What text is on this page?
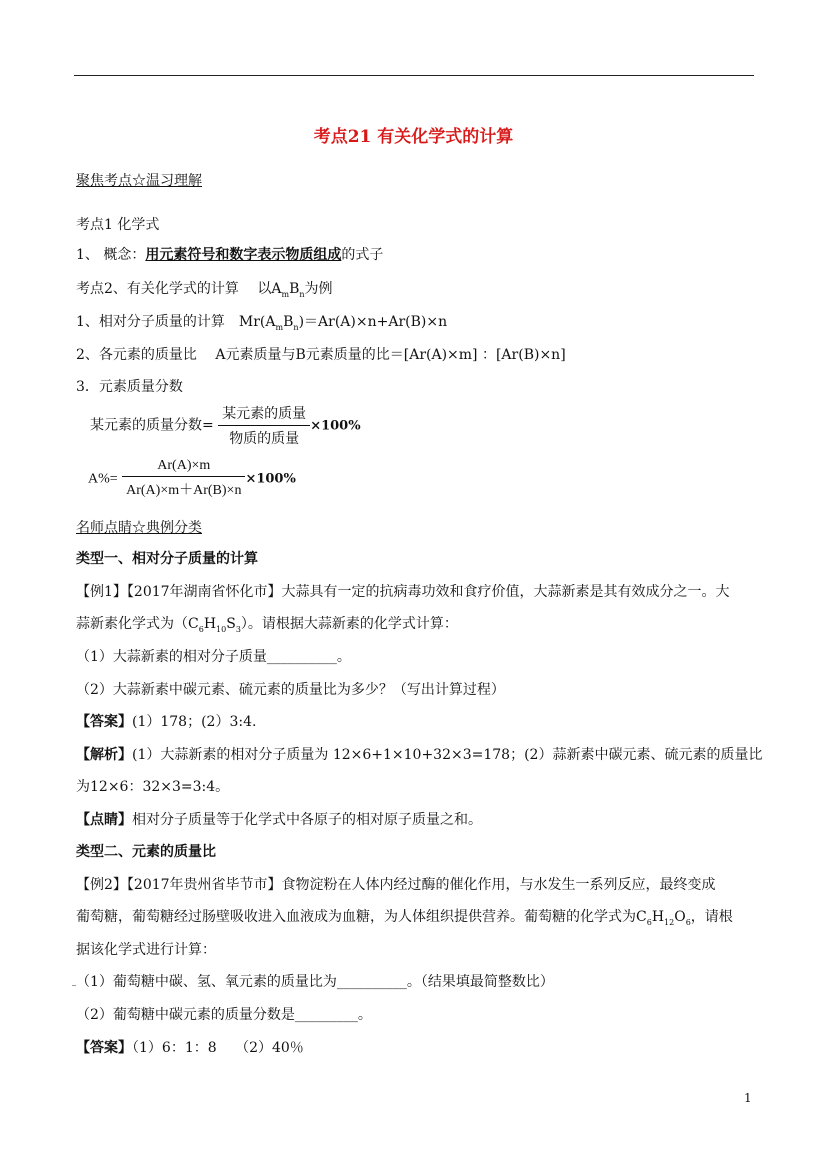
考点21 有关化学式的计算
聚焦考点☆温习理解
考点1 化学式
1、 概念：用元素符号和数字表示物质组成的式子
考点2、有关化学式的计算　 以$A_mB_n$为例
1、相对分子质量的计算　$Mr(A_mB_n)=Ar(A)\times n+Ar(B)\times n$
2、各元素的质量比　 A元素质量与B元素质量的比＝[Ar(A)×m] ：[Ar(B)×n]
3．元素质量分数
某元素的质量分数= $\frac{\text{某元素的质量}}{\text{物质的质量}} \times 100\%$
$A\%= \frac{Ar(A)\times m}{Ar(A)\times m+Ar(B)\times n} \times 100\%$
名师点睛☆典例分类
类型一、相对分子质量的计算
【例1】【2017年湖南省怀化市】大蒜具有一定的抗病毒功效和食疗价值，大蒜新素是其有效成分之一。大
蒜新素化学式为$(C_6H_{10}S_3)$。请根据大蒜新素的化学式计算：
（1）大蒜新素的相对分子质量__________。
（2）大蒜新素中碳元素、硫元素的质量比为多少？（写出计算过程）
【答案】(1）178；(2）3:4.
【解析】(1）大蒜新素的相对分子质量为 12×6+1×10+32×3=178；(2）蒜新素中碳元素、硫元素的质量比
为12×6：32×3=3:4。
【点睛】相对分子质量等于化学式中各原子的相对原子质量之和。
类型二、元素的质量比
【例2】【2017年贵州省毕节市】食物淀粉在人体内经过酶的催化作用，与水发生一系列反应，最终变成
葡萄糖，葡萄糖经过肠壁吸收进入血液成为血糖，为人体组织提供营养。葡萄糖的化学式为$C_6H_{12}O_6$，请根
据该化学式进行计算：
（1）葡萄糖中碳、氢、氧元素的质量比为__________。（结果填最简整数比）
（2）葡萄糖中碳元素的质量分数是_________。
【答案】（1）6：1：8　 （2）40％
1
